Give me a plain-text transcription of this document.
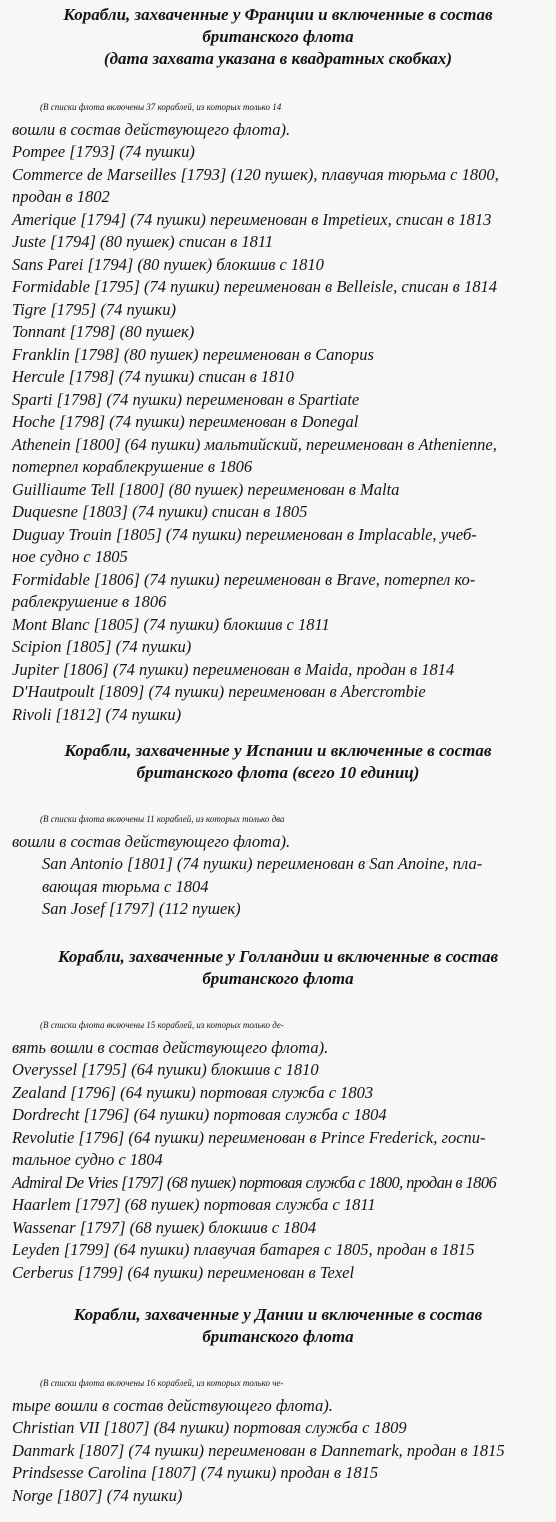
Корабли, захваченные у Франции и включенные в состав
британского флота
(дата захвата указана в квадратных скобках)

(В списки флота включены 37 кораблей, из которых только 14
вошли в состав действующего флота).

Pompee [1793] (74 пушки)
Commerce de Marseilles [1793] (120 пушек), плавучая тюрьма с 1800,
продан в 1802
Amerique [1794] (74 пушки) переименован в Impetieux, списан в 1813
Juste [1794] (80 пушек) списан в 1811
Sans Parei [1794] (80 пушек) блокшив с 1810
Formidable [1795] (74 пушки) переименован в Belleisle, списан в 1814
Tigre [1795] (74 пушки)
Tonnant [1798] (80 пушек)
Franklin [1798] (80 пушек) переименован в Canopus
Hercule [1798] (74 пушки) списан в 1810
Sparti [1798] (74 пушки) переименован в Spartiate
Hoche [1798] (74 пушки) переименован в Donegal
Athenein [1800] (64 пушки) мальтийский, переименован в Athenienne,
потерпел кораблекрушение в 1806
Guilliaume Tell [1800] (80 пушек) переименован в Malta
Duquesne [1803] (74 пушки) списан в 1805
Duguay Trouin [1805] (74 пушки) переименован в Implacable, учеб-
ное судно с 1805
Formidable [1806] (74 пушки) переименован в Brave, потерпел ко-
раблекрушение в 1806
Mont Blanc [1805] (74 пушки) блокшив с 1811
Scipion [1805] (74 пушки)
Jupiter [1806] (74 пушки) переименован в Maida, продан в 1814
D'Hautpoult [1809] (74 пушки) переименован в Abercrombie
Rivoli [1812] (74 пушки)
Корабли, захваченные у Испании и включенные в состав
британского флота (всего 10 единиц)

(В списки флота включены 11 кораблей, из которых только два
вошли в состав действующего флота).

San Antonio [1801] (74 пушки) переименован в San Anoine, пла-
вающая тюрьма с 1804
San Josef [1797] (112 пушек)
Корабли, захваченные у Голландии и включенные в состав
британского флота

(В списки флота включены 15 кораблей, из которых только де-
вять вошли в состав действующего флота).

Overyssel [1795] (64 пушки) блокшив с 1810
Zealand [1796] (64 пушки) портовая служба с 1803
Dordrecht [1796] (64 пушки) портовая служба с 1804
Revolutie [1796] (64 пушки) переименован в Prince Frederick, госпи-
тальное судно с 1804
Admiral De Vries [1797] (68 пушек) портовая служба с 1800, продан в 1806
Haarlem [1797] (68 пушек) портовая служба с 1811
Wassenar [1797] (68 пушек) блокшив с 1804
Leyden [1799] (64 пушки) плавучая батарея с 1805, продан в 1815
Cerberus [1799] (64 пушки) переименован в Texel
Корабли, захваченные у Дании и включенные в состав
британского флота

(В списки флота включены 16 кораблей, из которых только че-
тыре вошли в состав действующего флота).

Christian VII [1807] (84 пушки) портовая служба с 1809
Danmark [1807] (74 пушки) переименован в Dannemark, продан в 1815
Prindsesse Carolina [1807] (74 пушки) продан в 1815
Norge [1807] (74 пушки)
